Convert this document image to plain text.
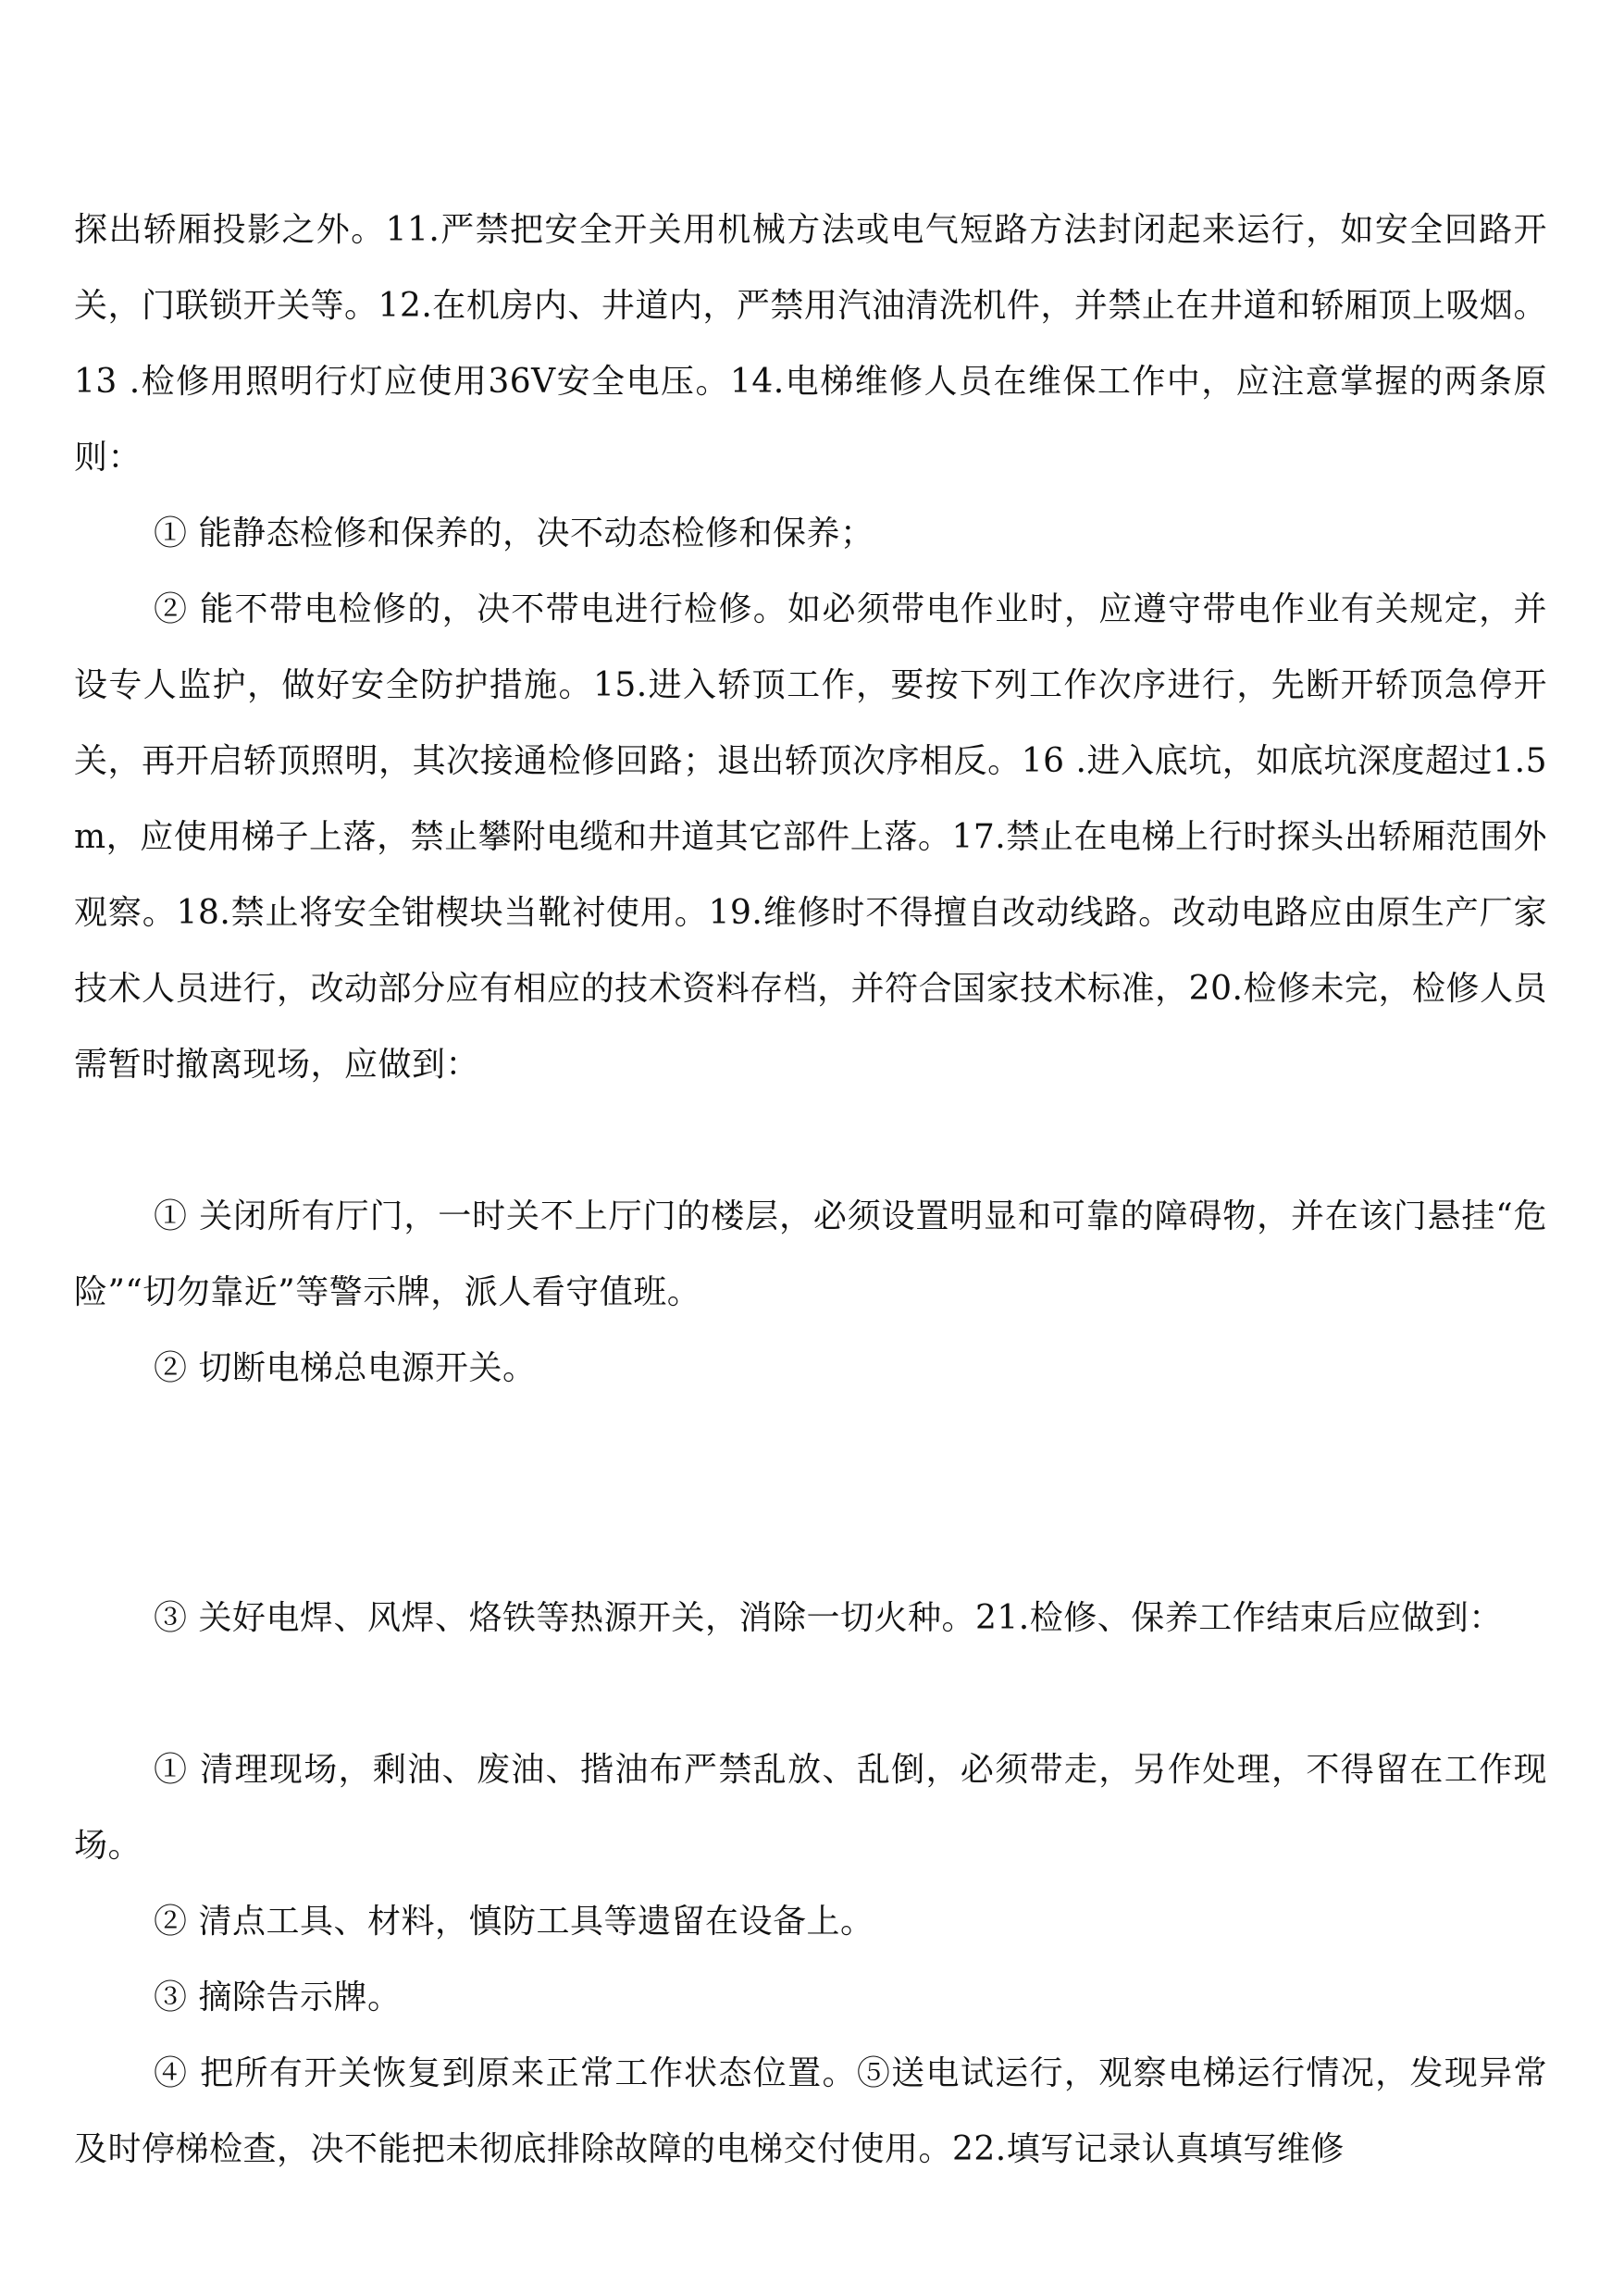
探出轿厢投影之外。11.严禁把安全开关用机械方法或电气短路方法封闭起来运行，如安全回路开关，门联锁开关等。12.在机房内、井道内，严禁用汽油清洗机件，并禁止在井道和轿厢顶上吸烟。13 .检修用照明行灯应使用36V安全电压。14.电梯维修人员在维保工作中，应注意掌握的两条原则：

① 能静态检修和保养的，决不动态检修和保养；

② 能不带电检修的，决不带电进行检修。如必须带电作业时，应遵守带电作业有关规定，并设专人监护，做好安全防护措施。15.进入轿顶工作，要按下列工作次序进行，先断开轿顶急停开关，再开启轿顶照明，其次接通检修回路；退出轿顶次序相反。16 .进入底坑，如底坑深度超过1.5m，应使用梯子上落，禁止攀附电缆和井道其它部件上落。17.禁止在电梯上行时探头出轿厢范围外观察。18.禁止将安全钳楔块当靴衬使用。19.维修时不得擅自改动线路。改动电路应由原生产厂家技术人员进行，改动部分应有相应的技术资料存档，并符合国家技术标准，20.检修未完，检修人员需暂时撤离现场，应做到：

① 关闭所有厅门，一时关不上厅门的楼层，必须设置明显和可靠的障碍物，并在该门悬挂“危险”“切勿靠近”等警示牌，派人看守值班。

② 切断电梯总电源开关。

③ 关好电焊、风焊、烙铁等热源开关，消除一切火种。21.检修、保养工作结束后应做到：

① 清理现场，剩油、废油、揩油布严禁乱放、乱倒，必须带走，另作处理，不得留在工作现场。

② 清点工具、材料，慎防工具等遗留在设备上。

③ 摘除告示牌。

④ 把所有开关恢复到原来正常工作状态位置。⑤送电试运行，观察电梯运行情况，发现异常及时停梯检查，决不能把未彻底排除故障的电梯交付使用。22.填写记录认真填写维修
